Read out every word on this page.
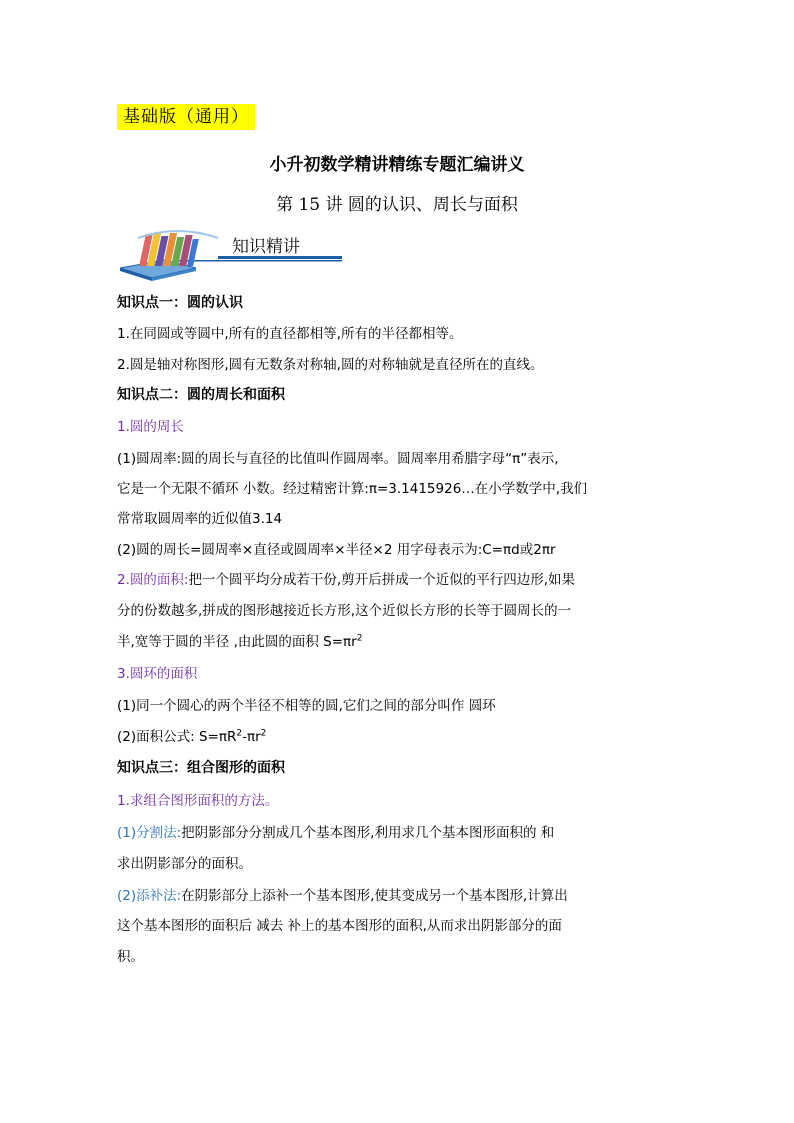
基础版（通用）
小升初数学精讲精练专题汇编讲义
第 15 讲 圆的认识、周长与面积
知识精讲
知识点一：圆的认识
1.在同圆或等圆中,所有的直径都相等,所有的半径都相等。
2.圆是轴对称图形,圆有无数条对称轴,圆的对称轴就是直径所在的直线。
知识点二：圆的周长和面积
1.圆的周长
(1)圆周率:圆的周长与直径的比值叫作圆周率。圆周率用希腊字母“π”表示,
它是一个无限不循环 小数。经过精密计算:π=3.1415926…在小学数学中,我们
常常取圆周率的近似值3.14
(2)圆的周长=圆周率×直径或圆周率×半径×2 用字母表示为:C=πd或2πr
2.圆的面积:把一个圆平均分成若干份,剪开后拼成一个近似的平行四边形,如果
分的份数越多,拼成的图形越接近长方形,这个近似长方形的长等于圆周长的一
半,宽等于圆的半径 ,由此圆的面积 $S=\pi r^2$
3.圆环的面积
(1)同一个圆心的两个半径不相等的圆,它们之间的部分叫作 圆环
(2)面积公式: $S=\pi R^2-\pi r^2$
知识点三：组合图形的面积
1.求组合图形面积的方法。
(1)分割法:把阴影部分分割成几个基本图形,利用求几个基本图形面积的 和
求出阴影部分的面积。
(2)添补法:在阴影部分上添补一个基本图形,使其变成另一个基本图形,计算出
这个基本图形的面积后 减去 补上的基本图形的面积,从而求出阴影部分的面
积。
